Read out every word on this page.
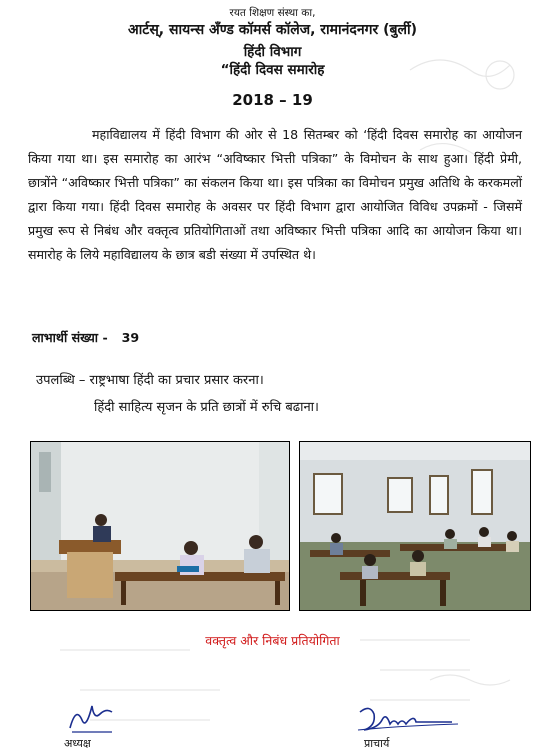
रयत शिक्षण संस्था का,
आर्टस्, सायन्स अँण्ड कॉमर्स कॉलेज, रामानंदनगर (बुर्ली)
हिंदी विभाग
“हिंदी दिवस समारोह
2018 – 19

महाविद्यालय में हिंदी विभाग की ओर से 18 सितम्बर को ‘हिंदी दिवस समारोह का आयोजन किया गया था। इस समारोह का आरंभ “अविष्कार भित्ती पत्रिका” के विमोचन के साथ हुआ। हिंदी प्रेमी, छात्रोंने “अविष्कार भित्ती पत्रिका” का संकलन किया था। इस पत्रिका का विमोचन प्रमुख अतिथि के करकमलों द्वारा किया गया। हिंदी दिवस समारोह के अवसर पर हिंदी विभाग द्वारा आयोजित विविध उपक्रमों - जिसमें प्रमुख रूप से निबंध और वक्तृत्व प्रतियोगिताओं तथा अविष्कार भित्ती पत्रिका आदि का आयोजन किया था। समारोह के लिये महाविद्यालय के छात्र बडी संख्या में उपस्थित थे।

लाभार्थी संख्या - 39
उपलब्धि – राष्ट्रभाषा हिंदी का प्रचार प्रसार करना।
हिंदी साहित्य सृजन के प्रति छात्रों में रुचि बढाना।
वक्तृत्व और निबंध प्रतियोगिता
अध्यक्ष	प्राचार्य
